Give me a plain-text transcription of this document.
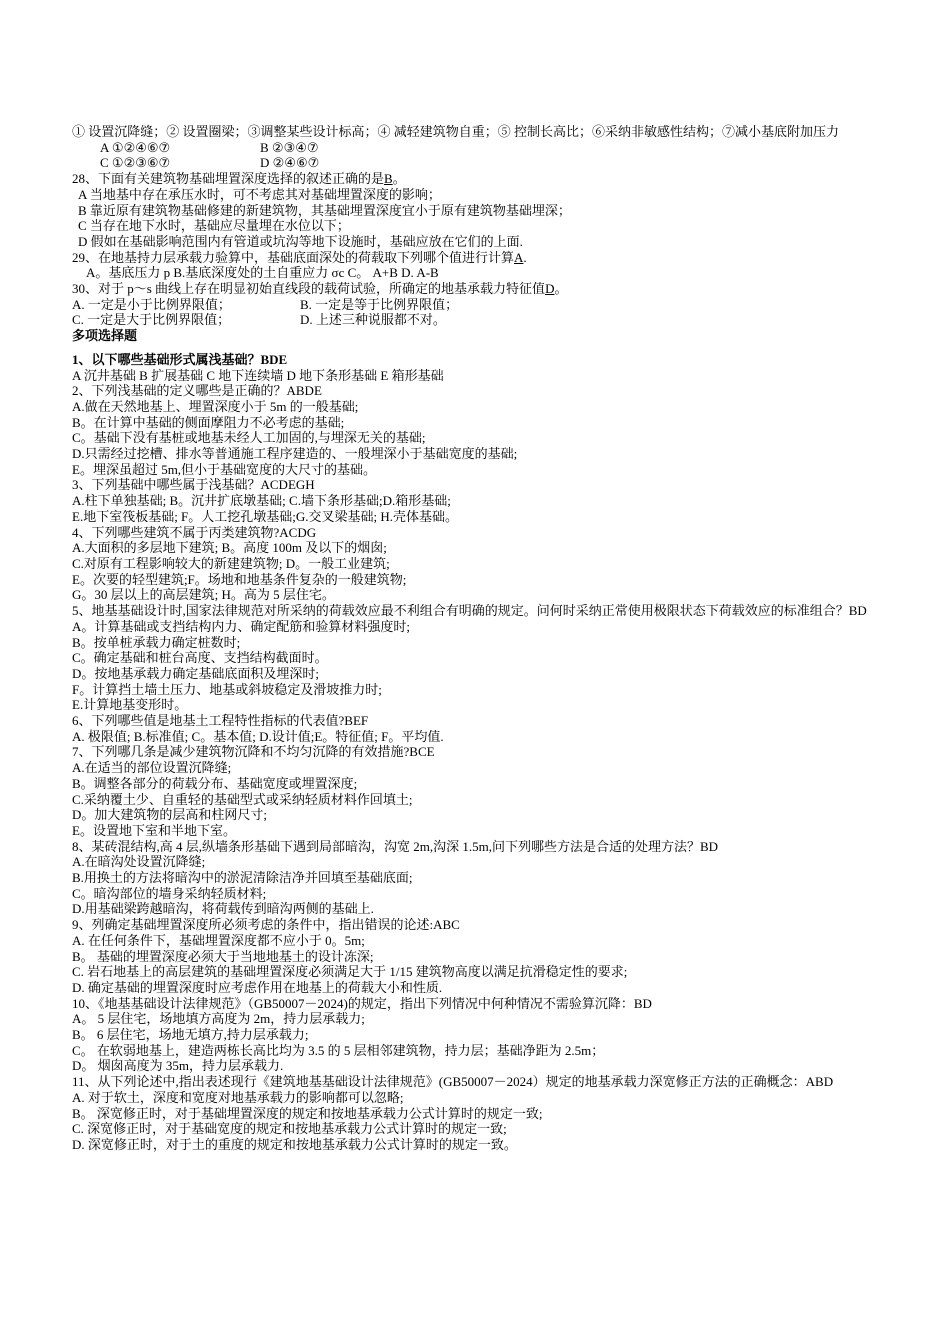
① 设置沉降缝；② 设置圈梁；③调整某些设计标高；④ 减轻建筑物自重；⑤ 控制长高比；⑥采纳非敏感性结构；⑦减小基底附加压力
A ①②④⑥⑦	B ②③④⑦
C ①②③⑥⑦	D ②④⑥⑦
28、下面有关建筑物基础埋置深度选择的叙述正确的是B。
A 当地基中存在承压水时，可不考虑其对基础埋置深度的影响；
B 靠近原有建筑物基础修建的新建筑物，其基础埋置深度宜小于原有建筑物基础埋深；
C 当存在地下水时，基础应尽量埋在水位以下；
D 假如在基础影响范围内有管道或坑沟等地下设施时，基础应放在它们的上面.
29、在地基持力层承载力验算中，基础底面深处的荷载取下列哪个值进行计算A.
A。基底压力 p B.基底深度处的土自重应力 σc C。 A+B D. A-B
30、对于 p～s 曲线上存在明显初始直线段的载荷试验，所确定的地基承载力特征值D。
A. 一定是小于比例界限值；	B. 一定是等于比例界限值；
C. 一定是大于比例界限值；	D. 上述三种说服都不对。
多项选择题
1、以下哪些基础形式属浅基础？BDE
A 沉井基础 B 扩展基础 C 地下连续墙 D 地下条形基础 E 箱形基础
2、下列浅基础的定义哪些是正确的？ABDE
A.做在天然地基上、埋置深度小于 5m 的一般基础;
B。在计算中基础的侧面摩阻力不必考虑的基础;
C。基础下没有基桩或地基未经人工加固的,与埋深无关的基础;
D.只需经过挖槽、排水等普通施工程序建造的、一般埋深小于基础宽度的基础;
E。埋深虽超过 5m,但小于基础宽度的大尺寸的基础。
3、下列基础中哪些属于浅基础？ACDEGH
A.柱下单独基础; B。沉井扩底墩基础; C.墙下条形基础;D.箱形基础;
E.地下室筏板基础; F。人工挖孔墩基础;G.交叉梁基础; H.壳体基础。
4、下列哪些建筑不属于丙类建筑物?ACDG
A.大面积的多层地下建筑; B。高度 100m 及以下的烟囱;
C.对原有工程影响较大的新建建筑物; D。一般工业建筑;
E。次要的轻型建筑;F。场地和地基条件复杂的一般建筑物;
G。30 层以上的高层建筑; H。高为 5 层住宅。
5、地基基础设计时,国家法律规范对所采纳的荷载效应最不利组合有明确的规定。问何时采纳正常使用极限状态下荷载效应的标准组合？BD
A。计算基础或支挡结构内力、确定配筋和验算材料强度时;
B。按单桩承载力确定桩数时;
C。确定基础和桩台高度、支挡结构截面时。
D。按地基承载力确定基础底面积及埋深时;
F。计算挡土墙土压力、地基或斜坡稳定及滑坡推力时;
E.计算地基变形时。
6、下列哪些值是地基土工程特性指标的代表值?BEF
A. 极限值; B.标准值; C。基本值; D.设计值;E。特征值; F。平均值.
7、下列哪几条是减少建筑物沉降和不均匀沉降的有效措施?BCE
A.在适当的部位设置沉降缝;
B。调整各部分的荷载分布、基础宽度或埋置深度;
C.采纳覆土少、自重轻的基础型式或采纳轻质材料作回填土;
D。加大建筑物的层高和柱网尺寸;
E。设置地下室和半地下室。
8、某砖混结构,高 4 层,纵墙条形基础下遇到局部暗沟，沟宽 2m,沟深 1.5m,问下列哪些方法是合适的处理方法？BD
A.在暗沟处设置沉降缝;
B.用换土的方法将暗沟中的淤泥清除洁净并回填至基础底面;
C。暗沟部位的墙身采纳轻质材料;
D.用基础梁跨越暗沟，将荷载传到暗沟两侧的基础上.
9、列确定基础埋置深度所必须考虑的条件中，指出错误的论述:ABC
A. 在任何条件下，基础埋置深度都不应小于 0。5m;
B。 基础的埋置深度必须大于当地地基土的设计冻深;
C. 岩石地基上的高层建筑的基础埋置深度必须满足大于 1/15 建筑物高度以满足抗滑稳定性的要求;
D. 确定基础的埋置深度时应考虑作用在地基上的荷载大小和性质.
10、《地基基础设计法律规范》（GB50007－2024)的规定，指出下列情况中何种情况不需验算沉降：BD
A。 5 层住宅，场地填方高度为 2m，持力层承载力;
B。 6 层住宅，场地无填方,持力层承载力;
C。 在软弱地基上，建造两栋长高比均为 3.5 的 5 层相邻建筑物，持力层；基础净距为 2.5m；
D。 烟囱高度为 35m，持力层承载力.
11、从下列论述中,指出表述现行《建筑地基基础设计法律规范》(GB50007－2024）规定的地基承载力深宽修正方法的正确概念：ABD
A. 对于软土，深度和宽度对地基承载力的影响都可以忽略;
B。 深宽修正时，对于基础埋置深度的规定和按地基承载力公式计算时的规定一致;
C. 深宽修正时，对于基础宽度的规定和按地基承载力公式计算时的规定一致;
D. 深宽修正时，对于土的重度的规定和按地基承载力公式计算时的规定一致。
